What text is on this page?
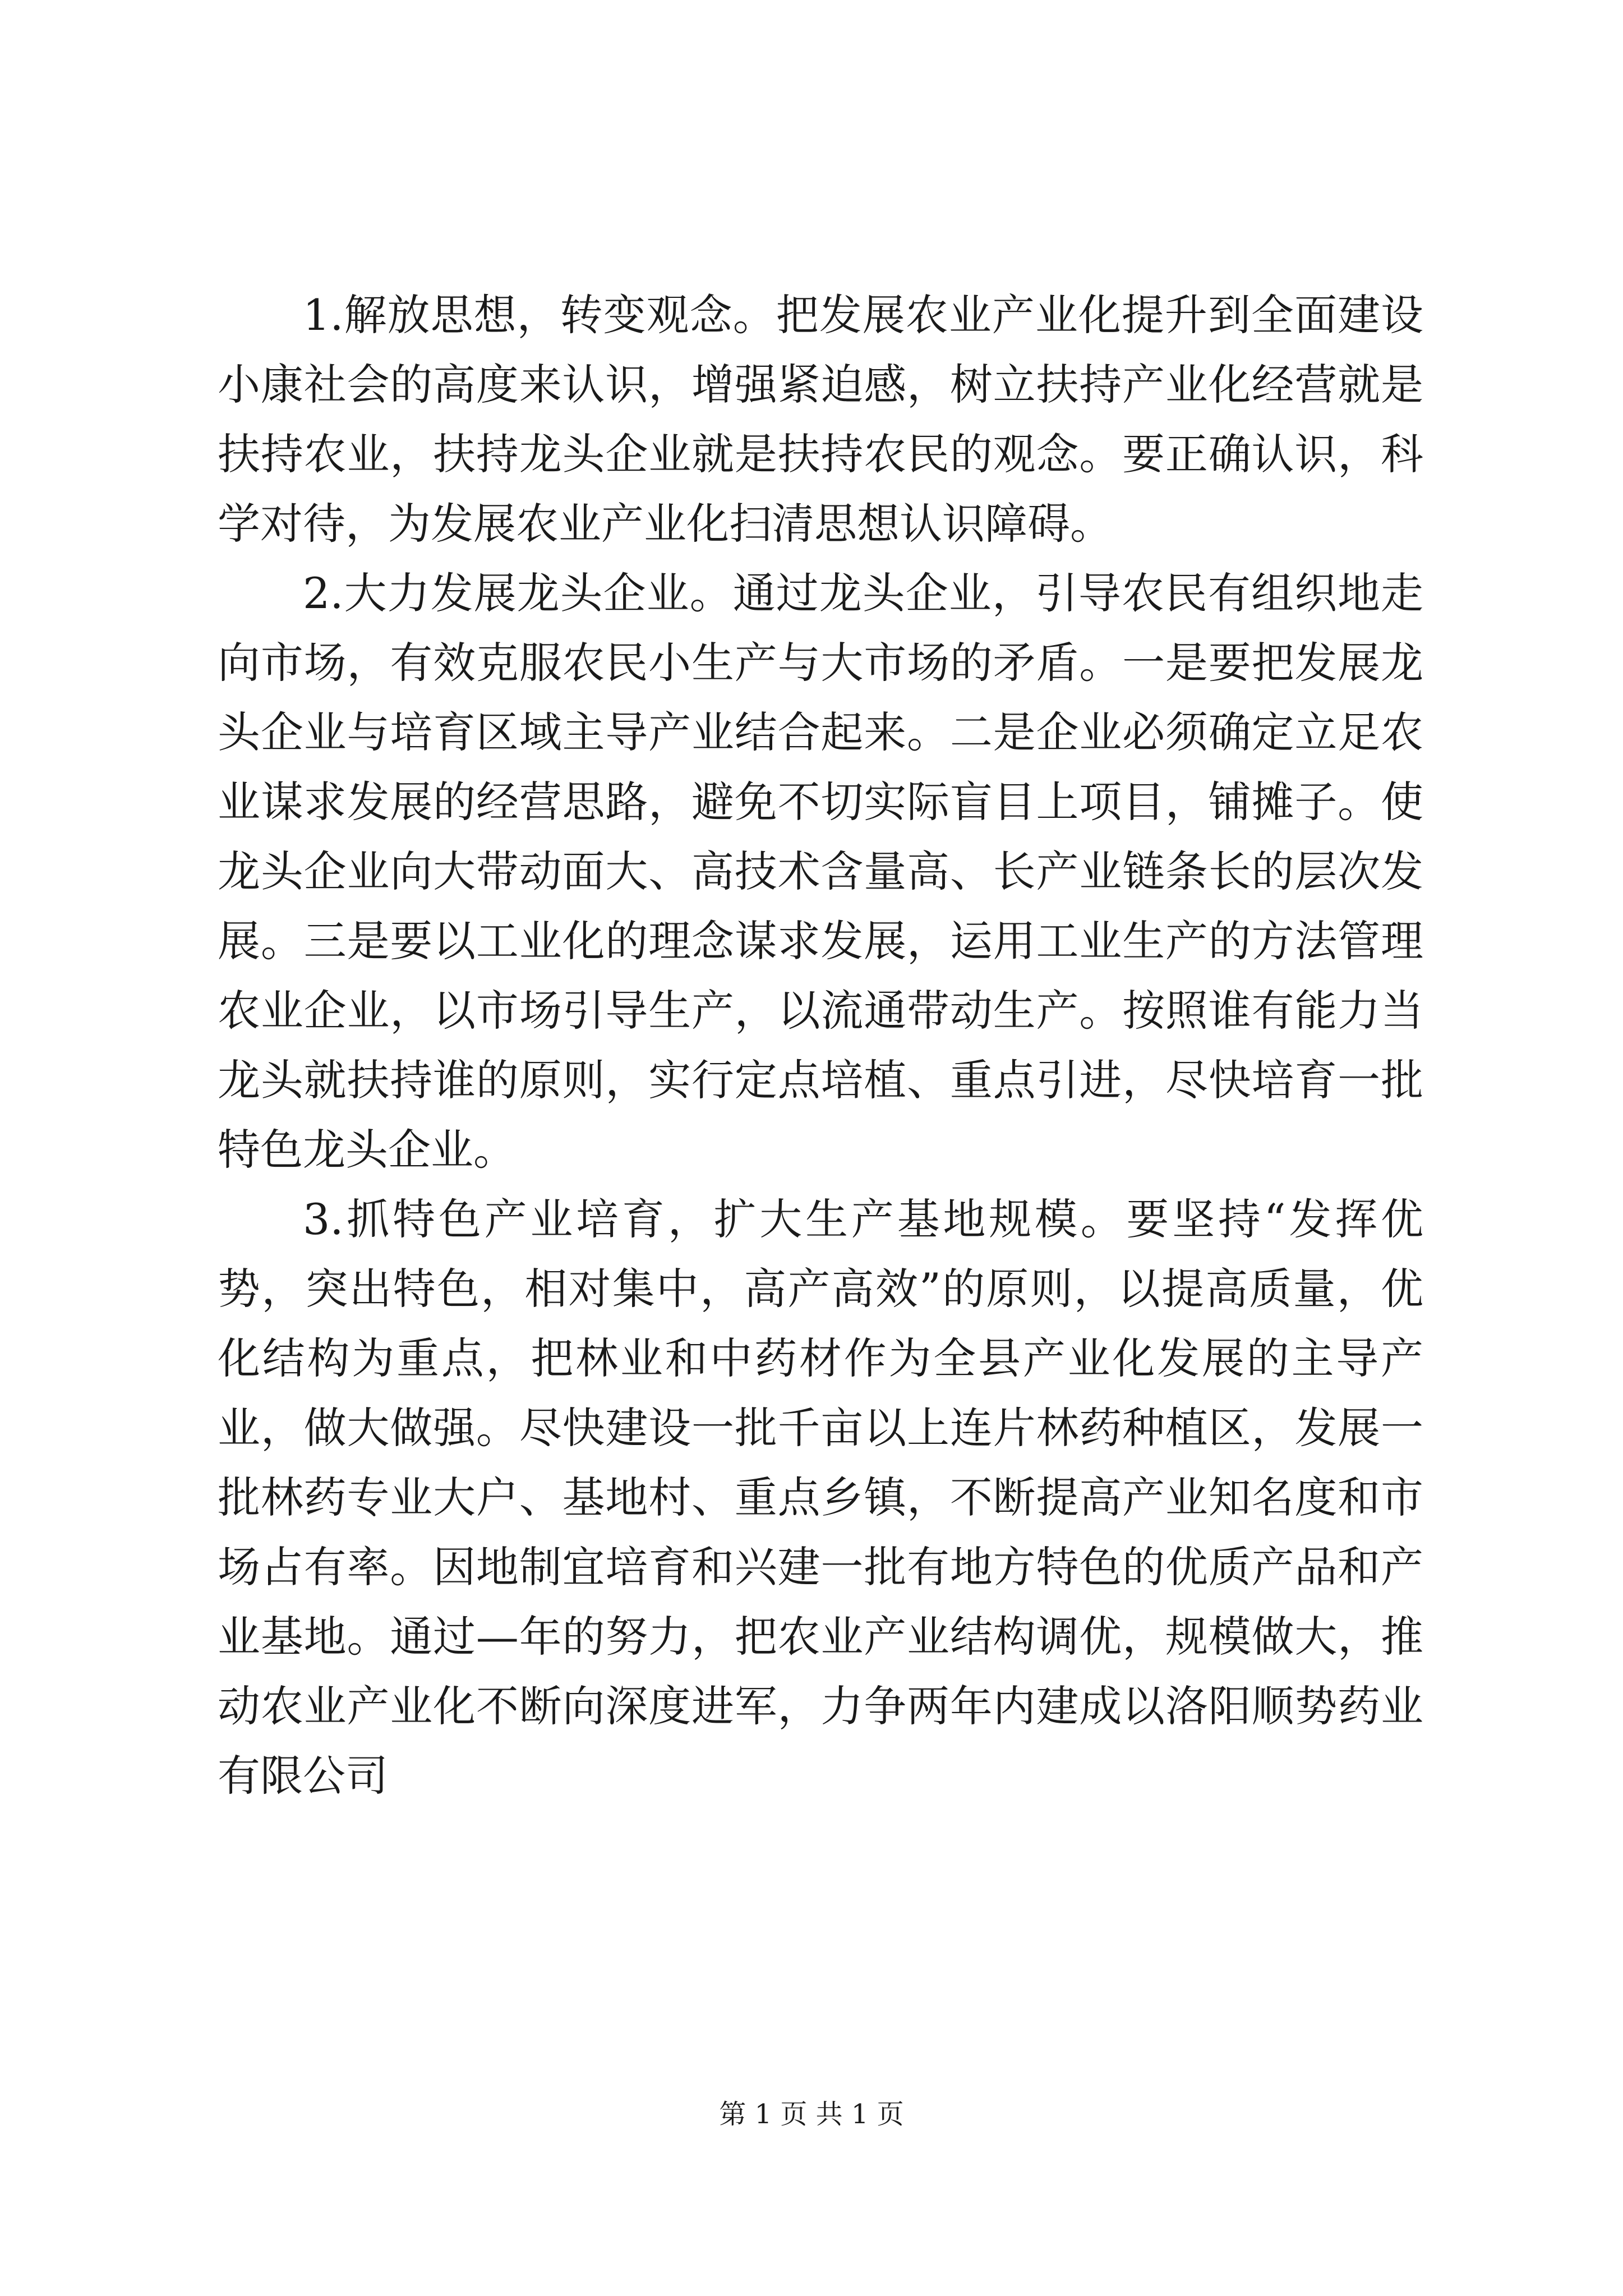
1.解放思想，转变观念。把发展农业产业化提升到全面建设小康社会的高度来认识，增强紧迫感，树立扶持产业化经营就是扶持农业，扶持龙头企业就是扶持农民的观念。要正确认识，科学对待，为发展农业产业化扫清思想认识障碍。

2.大力发展龙头企业。通过龙头企业，引导农民有组织地走向市场，有效克服农民小生产与大市场的矛盾。一是要把发展龙头企业与培育区域主导产业结合起来。二是企业必须确定立足农业谋求发展的经营思路，避免不切实际盲目上项目，铺摊子。使龙头企业向大带动面大、高技术含量高、长产业链条长的层次发展。三是要以工业化的理念谋求发展，运用工业生产的方法管理农业企业，以市场引导生产，以流通带动生产。按照谁有能力当龙头就扶持谁的原则，实行定点培植、重点引进，尽快培育一批特色龙头企业。

3.抓特色产业培育，扩大生产基地规模。要坚持“发挥优势，突出特色，相对集中，高产高效”的原则，以提高质量，优化结构为重点，把林业和中药材作为全县产业化发展的主导产业，做大做强。尽快建设一批千亩以上连片林药种植区，发展一批林药专业大户、基地村、重点乡镇，不断提高产业知名度和市场占有率。因地制宜培育和兴建一批有地方特色的优质产品和产业基地。通过—年的努力，把农业产业结构调优，规模做大，推动农业产业化不断向深度进军，力争两年内建成以洛阳顺势药业有限公司

第 1 页 共 1 页
